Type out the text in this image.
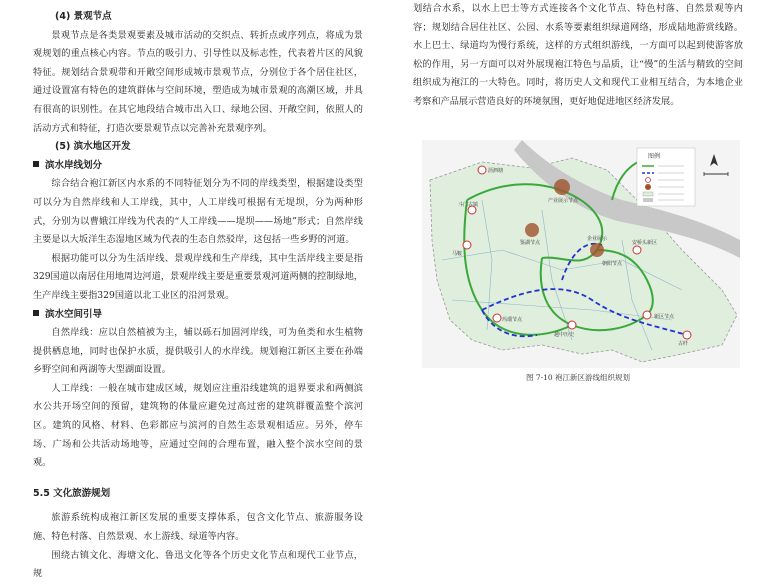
(4) 景观节点

景观节点是各类景观要素及城市活动的交织点、转折点或序列点，将成为景观规划的重点核心内容。节点的吸引力、引导性以及标志性，代表着片区的风貌特征。规划结合景观带和开敞空间形成城市景观节点，分别位于各个居住社区，通过设置富有特色的建筑群体与空间环境，塑造成为城市景观的高潮区域，并具有很高的识别性。在其它地段结合城市出入口、绿地公园、开敞空间，依照人的活动方式和特征，打造次要景观节点以完善补充景观序列。

(5) 滨水地区开发

滨水岸线划分

综合结合袍江新区内水系的不同特征划分为不同的岸线类型，根据建设类型可以分为自然岸线和人工岸线，其中，人工岸线可根据有无堤坝，分为两种形式，分别为以曹娥江岸线为代表的“人工岸线——堤坝——场地”形式；自然岸线主要是以大坂洋生态湿地区域为代表的生态自然驳岸，这包括一些乡野的河道。

根据功能可以分为生活岸线、景观岸线和生产岸线，其中生活岸线主要是指329国道以南居住用地周边河道，景观岸线主要是重要景观河道两侧的控制绿地，生产岸线主要指329国道以北工业区的沿河景观。

滨水空间引导

自然岸线：应以自然植被为主，辅以砾石加固河岸线，可为鱼类和水生植物提供栖息地，同时也保护水质，提供吸引人的水岸线。规划袍江新区主要在孙端乡野空间和两湖等大型湖面设置。

人工岸线：一般在城市建成区域，规划应注重沿线建筑的退界要求和两侧滨水公共开场空间的预留，建筑物的体量应避免过高过密的建筑群覆盖整个滨河区。建筑的风格、材料、色彩都应与滨河的自然生态景观相适应。另外，停车场、广场和公共活动场地等，应通过空间的合理布置，融入整个滨水空间的景观。

5.5 文化旅游规划

旅游系统构成袍江新区发展的重要支撑体系，包含文化节点、旅游服务设施、特色村落、自然景观、水上游线、绿道等内容。

围绕古镇文化、海塘文化、鲁迅文化等各个历史文化节点和现代工业节点，规

划结合水系，以水上巴士等方式连接各个文化节点、特色村落、自然景观等内容；规划结合居住社区、公园、水系等要素组织绿道网络，形成陆地游赏线路。水上巴士、绿道均为慢行系统，这样的方式组织游线，一方面可以起到使游客放松的作用，另一方面可以对外展现袍江特色与品质，让“慢”的生活与精致的空间组织成为袍江的一大特色。同时，将历史人文和现代工业相互结合，为本地企业考察和产品展示营造良好的环境氛围，更好地促进地区经济发展。

沥泗塘
产业展示节点
斗门古镇
马鞍
企业展示
鉴湖节点	安桥头新区
玛瑙节点
越中历史
新区节点
古纤
朝阳节点
图例
图 7-10 袍江新区游线组织规划
